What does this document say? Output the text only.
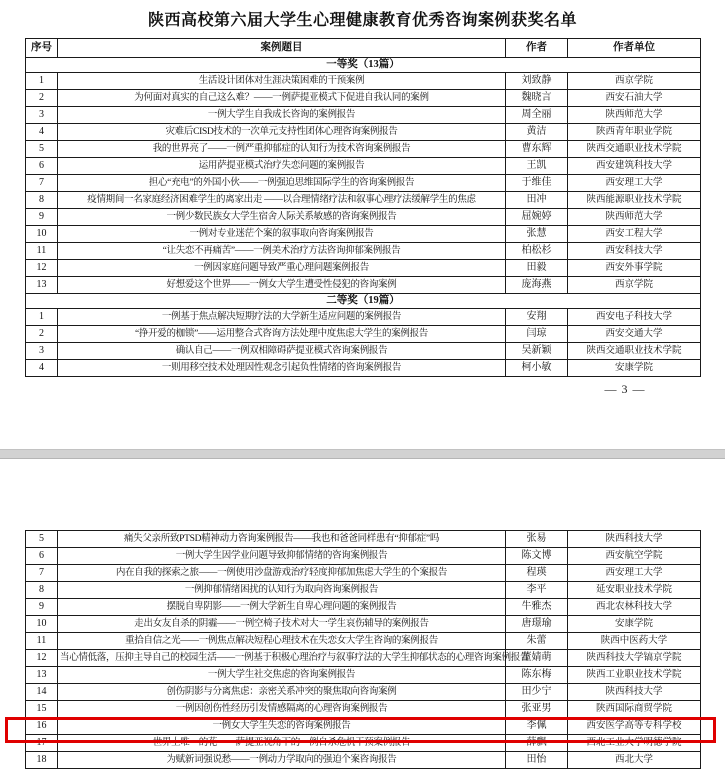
陕西高校第六届大学生心理健康教育优秀咨询案例获奖名单
序号	案例题目	作者	作者单位
一等奖（13篇）			
1	生活设计团体对生涯决策困难的干预案例	刘致静	西京学院
2	为何面对真实的自己这么难？——一例萨提亚模式下促进自我认同的案例	魏晓言	西安石油大学
3	一例大学生自我成长咨询的案例报告	周全丽	陕西师范大学
4	灾难后CISD技术的一次单元支持性团体心理咨询案例报告	黄洁	陕西青年职业学院
5	我的世界亮了——一例严重抑郁症的认知行为技术咨询案例报告	曹东辉	陕西交通职业技术学院
6	运用萨提亚模式治疗失恋问题的案例报告	王凯	西安建筑科技大学
7	担心“充电”的外国小伙——一例强迫思维国际学生的咨询案例报告	于维佳	西安理工大学
8	疫情期间一名家庭经济困难学生的离家出走 ——以合理情绪疗法和叙事心理疗法缓解学生的焦虑	田冲	陕西能源职业技术学院
9	一例少数民族女大学生宿舍人际关系敏感的咨询案例报告	屈婉婷	陕西师范大学
10	一例对专业迷茫个案的叙事取向咨询案例报告	张慧	西安工程大学
11	“让失恋不再痛苦”——一例美术治疗方法咨询抑郁案例报告	柏松杉	西安科技大学
12	一例因家庭问题导致严重心理问题案例报告	田毅	西安外事学院
13	好想爱这个世界——一例女大学生遭受性侵犯的咨询案例	庞海燕	西京学院
二等奖（19篇）			
1	一例基于焦点解决短期疗法的大学新生适应问题的案例报告	安翔	西安电子科技大学
2	“挣开爱的枷锁”——运用整合式咨询方法处理中度焦虑大学生的案例报告	闫琼	西安交通大学
3	确认自己——一例双相障碍萨提亚模式咨询案例报告	吴新颖	陕西交通职业技术学院
4	一则用移空技术处理因性观念引起负性情绪的咨询案例报告	柯小敏	安康学院
— 3 —
5	痛失父亲所致PTSD精神动力咨询案例报告——我也和爸爸同样患有“抑郁症”吗	张易	陕西科技大学
6	一例大学生因学业问题导致抑郁情绪的咨询案例报告	陈文博	西安航空学院
7	内在自我的探索之旅——一例使用沙盘游戏治疗轻度抑郁加焦虑大学生的个案报告	程瑛	西安理工大学
8	一例抑郁情绪困扰的认知行为取向咨询案例报告	李平	延安职业技术学院
9	摆脱自卑阴影——一例大学新生自卑心理问题的案例报告	牛雅杰	西北农林科技大学
10	走出女友自杀的阴霾——一例空椅子技术对大一学生哀伤辅导的案例报告	唐璟瑜	安康学院
11	重拾自信之光——一例焦点解决短程心理技术在失恋女大学生咨询的案例报告	朱蕾	陕西中医药大学
12	当心情低落，压抑主导自己的校园生活——一例基于积极心理治疗与叙事疗法的大学生抑郁状态的心理咨询案例报告	董婧萌	陕西科技大学镐京学院
13	一例大学生社交焦虑的咨询案例报告	陈东梅	陕西工业职业技术学院
14	创伤阴影与分离焦虑：亲密关系冲突的聚焦取向咨询案例	田少宁	陕西科技大学
15	一例因创伤性经历引发情感隔离的心理咨询案例报告	张亚男	陕西国际商贸学院
16	一例女大学生失恋的咨询案例报告	李佩	西安医学高等专科学校
17	世界上唯一的花——萨提亚视角下的一例自杀危机干预案例报告	薛飘	西北工业大学明德学院
18	为赋新词强说愁——一例动力学取向的强迫个案咨询报告	田怡	西北大学
